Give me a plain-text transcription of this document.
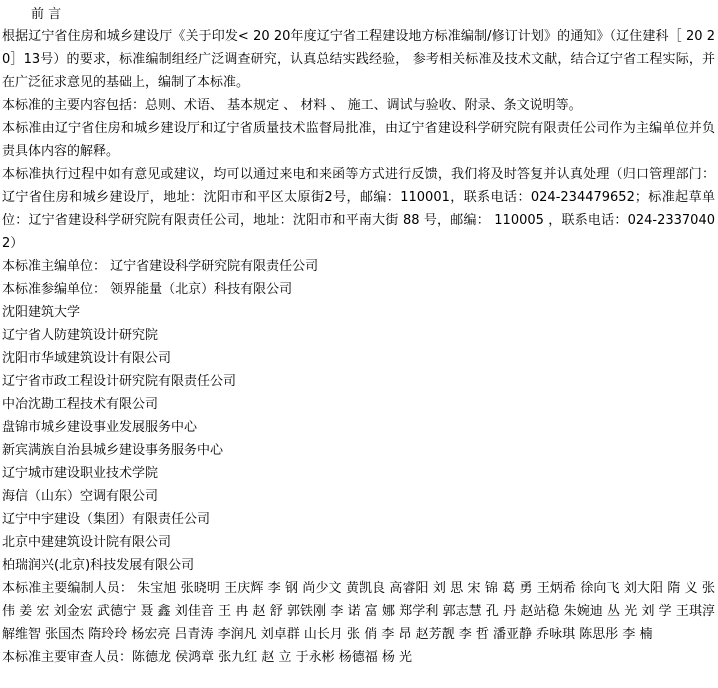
前 言

根据辽宁省住房和城乡建设厅《关于印发< 20 20年度辽宁省工程建设地方标准编制/修订计划》的通知》（辽住建科［ 20 20］13号）的要求，标准编制组经广泛调查研究，认真总结实践经验， 参考相关标准及技术文献，结合辽宁省工程实际，并在广泛征求意见的基础上，编制了本标准。

本标准的主要内容包括：总则、术语、 基本规定 、 材料 、 施工、调试与验收、附录、条文说明等。

本标准由辽宁省住房和城乡建设厅和辽宁省质量技术监督局批准，由辽宁省建设科学研究院有限责任公司作为主编单位并负责具体内容的解释。

本标准执行过程中如有意见或建议，均可以通过来电和来函等方式进行反馈，我们将及时答复并认真处理（归口管理部门：辽宁省住房和城乡建设厅，地址：沈阳市和平区太原街2号，邮编：110001，联系电话：024-234479652；标准起草单位：辽宁省建设科学研究院有限责任公司，地址：沈阳市和平南大街 88 号，邮编： 110005 ，联系电话：024-23370402）

本标准主编单位： 辽宁省建设科学研究院有限责任公司

本标准参编单位： 领界能量（北京）科技有限公司

沈阳建筑大学

辽宁省人防建筑设计研究院

沈阳市华域建筑设计有限公司

辽宁省市政工程设计研究院有限责任公司

中冶沈勘工程技术有限公司

盘锦市城乡建设事业发展服务中心

新宾满族自治县城乡建设事务服务中心

辽宁城市建设职业技术学院

海信（山东）空调有限公司

辽宁中宇建设（集团）有限责任公司

北京中建建筑设计院有限公司

柏瑞润兴(北京)科技发展有限公司

本标准主要编制人员： 朱宝旭 张晓明 王庆辉 李 钢 尚少文 黄凯良 高睿阳 刘 思 宋 锦 葛 勇 王炳希 徐向飞 刘大阳 隋 义 张 伟 姜 宏 刘金宏 武德宁 聂 鑫 刘佳音 王 冉 赵 舒 郭铁刚 李 诺 富 娜 郑学利 郭志慧 孔 丹 赵站稳 朱婉迪 丛 光 刘 学 王琪淳 解维智 张国杰 隋玲玲 杨宏亮 吕青涛 李润凡 刘卓群 山长月 张 俏 李 昂 赵芳靓 李 哲 潘亚静 乔咏琪 陈思彤 李 楠

本标准主要审查人员：陈德龙 侯鸿章 张九红 赵 立 于永彬 杨德福 杨 光
